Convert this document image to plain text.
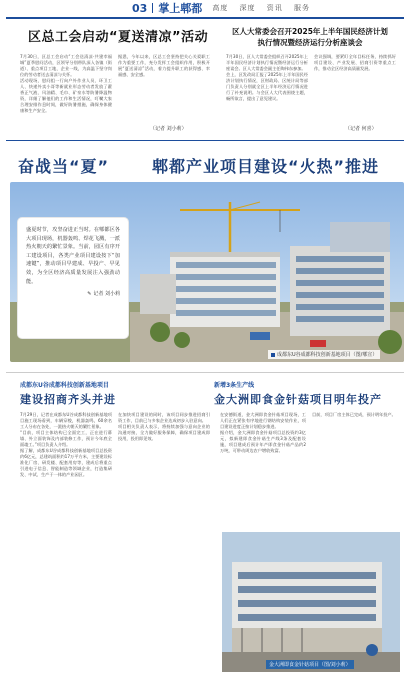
03 掌上郫都 高度 深度 资讯 服务
区总工会启动“夏送清凉”活动

7月30日，区总工会启动“工会送清凉·共建幸福城”夏季慰问活动，区领导分别带队深入各镇（街道）、重点项目工地、企业一线，为高温下坚守岗位的劳动者送去清凉与关怀。

活动现场，慰问组一行向户外作业人员、环卫工人、快递外卖小哥等新就业形态劳动者发放了藿香正气液、风油精、毛巾、矿泉水等防暑降温物资，详细了解他们的工作和生活情况，叮嘱大家合理安排作息时间，做好防暑措施，确保身体健康和生产安全。

据悉，今年以来，区总工会坚持把关心关爱职工作为重要工作，充分发挥工会组织作用，积极开展“夏送清凉”活动，着力提升职工的获得感、幸福感、安全感。

（记者 刘小莉）
区人大常委会召开2025年上半年国民经济计划执行情况暨经济运行分析座谈会

7月30日，区人大常委会组织召开2025年上半年国民经济计划执行情况暨经济运行分析座谈会。区人大常委会副主任陶伟东参加。

会上，区发改局汇报了2025年上半年国民经济计划执行情况，区财政局、区统计局等部门负责人分别就全区上半年经济运行情况进行了补充说明。与会区人大代表围绕主题，畅所欲言，提出了意见建议。

会议强调，要紧盯全年目标任务，持续抓好项目建设、产业发展、招商引资等重点工作，推动全区经济高质量发展。

（记者 何喜）
奋战当“夏”	郫都产业项目建设“火热”推进
盛夏时节，攻坚奋进正当时。在郫都区各大项目现场，机器轰鸣、焊花飞溅，一派热火朝天的繁忙景象。当前，园区有序开工建设项目，各类产业项目建设按下“加速键”，推动项目早建成、早投产、早见效，为全区经济高质量发展注入强劲动能。
✎ 记者 刘小莉
成都东U谷成都科技创新基地项目（图/郫宣）
成都东U谷成都科技创新基地项目
建设招商齐头并进

7月29日，记者在成都东U谷成都科技创新基地项目施工现场看到，车辆穿梭，机器轰鸣，60余名工人分布在各处，一派热火朝天的繁忙景象。

“目前，项目主体结构已全面完工，正在进行幕墙、外立面装饰及内部装修工作，预计今年底全面竣工。”项目负责人介绍。

据了解，成都东U谷成都科技创新基地项目总投资约6亿元，总建筑面积约17万平方米，主要建设标准化厂房、研发楼、配套用房等，建成后将重点引进电子信息、智能制造等领域企业，打造集研发、中试、生产于一体的产业园区。

在加快项目建设的同时，该项目同步推进招商引资工作，目前已与多家企业达成初步入驻意向。

项目相关负责人表示，将持续加强与意向企业的沟通对接，全力做好服务保障，确保项目建成即投用，投用即见效。

新增3条生产线
金大洲即食金针菇项目明年投产

在安德街道，金大洲即食金针菇项目现场，工人们正在紧张有序地进行钢结构安装作业，项目建设进度正按计划稳步推进。

据介绍，金大洲即食金针菇项目总投资约3亿元，拟新建即食金针菇生产线3条及配套设施，项目建成后预计年产即食金针菇产品约2万吨，可带动周边农户增收致富。

目前，项目厂房主体已完成，预计明年投产。

金大洲即食金针菇项目（图/刘小莉）
